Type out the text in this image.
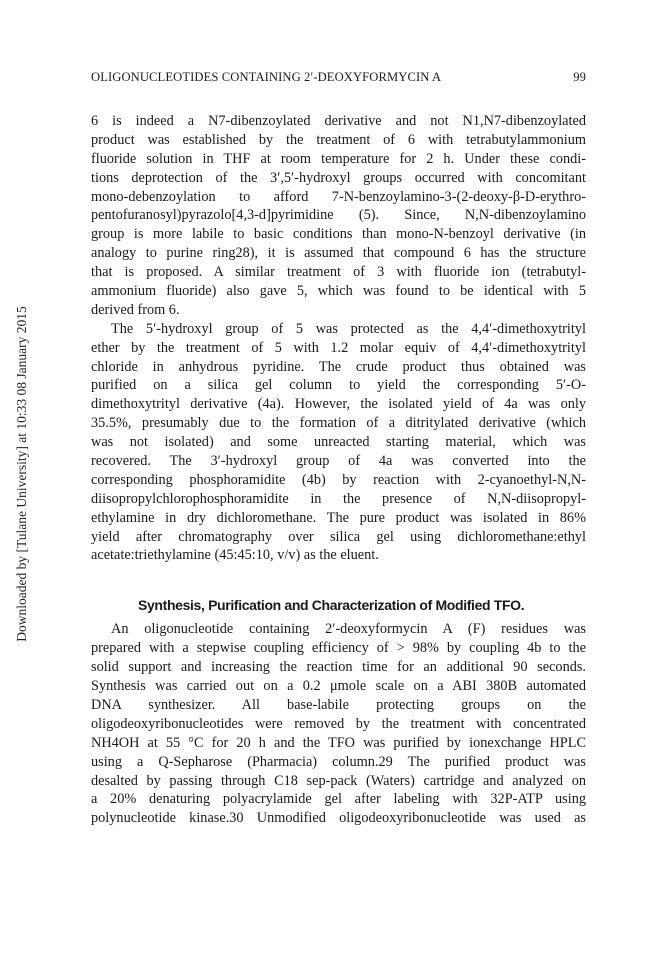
OLIGONUCLEOTIDES CONTAINING 2′-DEOXYFORMYCIN A	99
Downloaded by [Tulane University] at 10:33 08 January 2015
6 is indeed a N7-dibenzoylated derivative and not N1,N7-dibenzoylated
product was established by the treatment of 6 with tetrabutylammonium
fluoride solution in THF at room temperature for 2 h. Under these condi-
tions deprotection of the 3′,5′-hydroxyl groups occurred with concomitant
mono-debenzoylation to afford 7-N-benzoylamino-3-(2-deoxy-β-D-erythro-
pentofuranosyl)pyrazolo[4,3-d]pyrimidine (5). Since, N,N-dibenzoylamino
group is more labile to basic conditions than mono-N-benzoyl derivative (in
analogy to purine ring28), it is assumed that compound 6 has the structure
that is proposed. A similar treatment of 3 with fluoride ion (tetrabutyl-
ammonium fluoride) also gave 5, which was found to be identical with 5
derived from 6.
The 5′-hydroxyl group of 5 was protected as the 4,4′-dimethoxytrityl
ether by the treatment of 5 with 1.2 molar equiv of 4,4′-dimethoxytrityl
chloride in anhydrous pyridine. The crude product thus obtained was
purified on a silica gel column to yield the corresponding 5′-O-
dimethoxytrityl derivative (4a). However, the isolated yield of 4a was only
35.5%, presumably due to the formation of a ditritylated derivative (which
was not isolated) and some unreacted starting material, which was
recovered. The 3′-hydroxyl group of 4a was converted into the
corresponding phosphoramidite (4b) by reaction with 2-cyanoethyl-N,N-
diisopropylchlorophosphoramidite in the presence of N,N-diisopropyl-
ethylamine in dry dichloromethane. The pure product was isolated in 86%
yield after chromatography over silica gel using dichloromethane:ethyl
acetate:triethylamine (45:45:10, v/v) as the eluent.
Synthesis, Purification and Characterization of Modified TFO.
An oligonucleotide containing 2′-deoxyformycin A (F) residues was
prepared with a stepwise coupling efficiency of > 98% by coupling 4b to the
solid support and increasing the reaction time for an additional 90 seconds.
Synthesis was carried out on a 0.2 μmole scale on a ABI 380B automated
DNA synthesizer. All base-labile protecting groups on the
oligodeoxyribonucleotides were removed by the treatment with concentrated
NH4OH at 55 °C for 20 h and the TFO was purified by ionexchange HPLC
using a Q-Sepharose (Pharmacia) column.29 The purified product was
desalted by passing through C18 sep-pack (Waters) cartridge and analyzed on
a 20% denaturing polyacrylamide gel after labeling with 32P-ATP using
polynucleotide kinase.30 Unmodified oligodeoxyribonucleotide was used as
